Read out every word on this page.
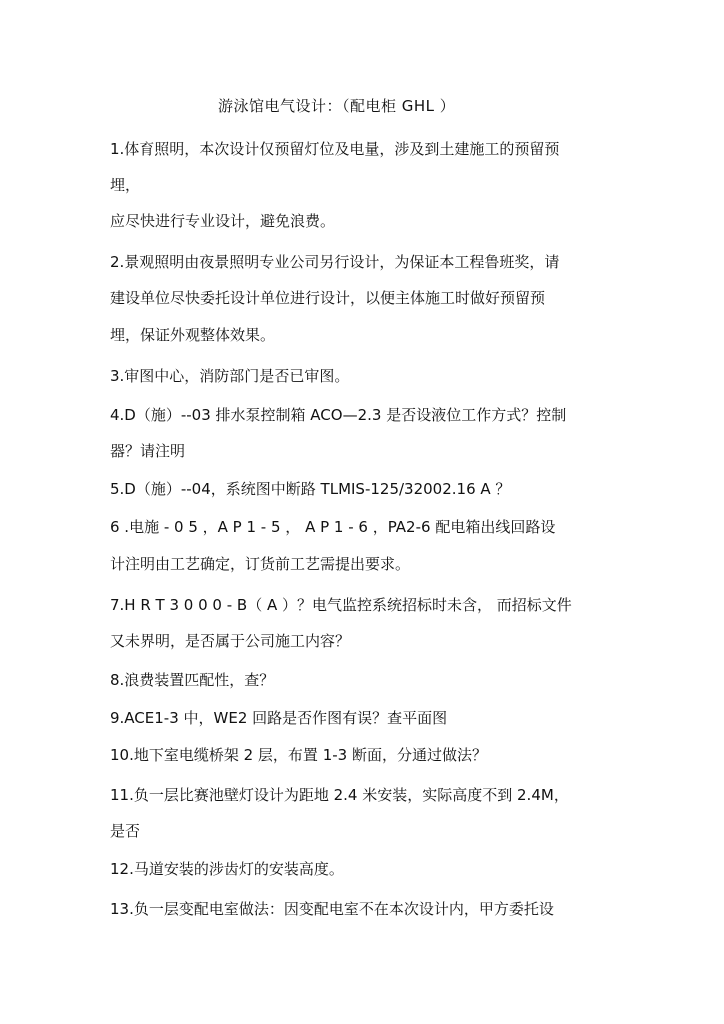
游泳馆电气设计：（配电柜 GHL ）
1.体育照明，本次设计仅预留灯位及电量，涉及到土建施工的预留预
埋，
应尽快进行专业设计，避免浪费。
2.景观照明由夜景照明专业公司另行设计，为保证本工程鲁班奖，请
建设单位尽快委托设计单位进行设计，以便主体施工时做好预留预
埋，保证外观整体效果。
3.审图中心，消防部门是否已审图。
4.D（施）--03 排水泵控制箱 ACO—2.3 是否设液位工作方式？控制
器？请注明
5.D（施）--04，系统图中断路 TLMIS-125/32002.16 A ？
6 .电施 - 0 5 ，A P 1 - 5 ， A P 1 - 6 ，PA2-6 配电箱出线回路设
计注明由工艺确定，订货前工艺需提出要求。
7.H R T 3 0 0 0 - B（ A ）？电气监控系统招标时未含， 而招标文件
又未界明，是否属于公司施工内容？
8.浪费装置匹配性，查？
9.ACE1-3 中，WE2 回路是否作图有误？查平面图
10.地下室电缆桥架 2 层，布置 1-3 断面，分通过做法？
11.负一层比赛池壁灯设计为距地 2.4 米安装，实际高度不到 2.4M，
是否
12.马道安装的涉齿灯的安装高度。
13.负一层变配电室做法：因变配电室不在本次设计内，甲方委托设
